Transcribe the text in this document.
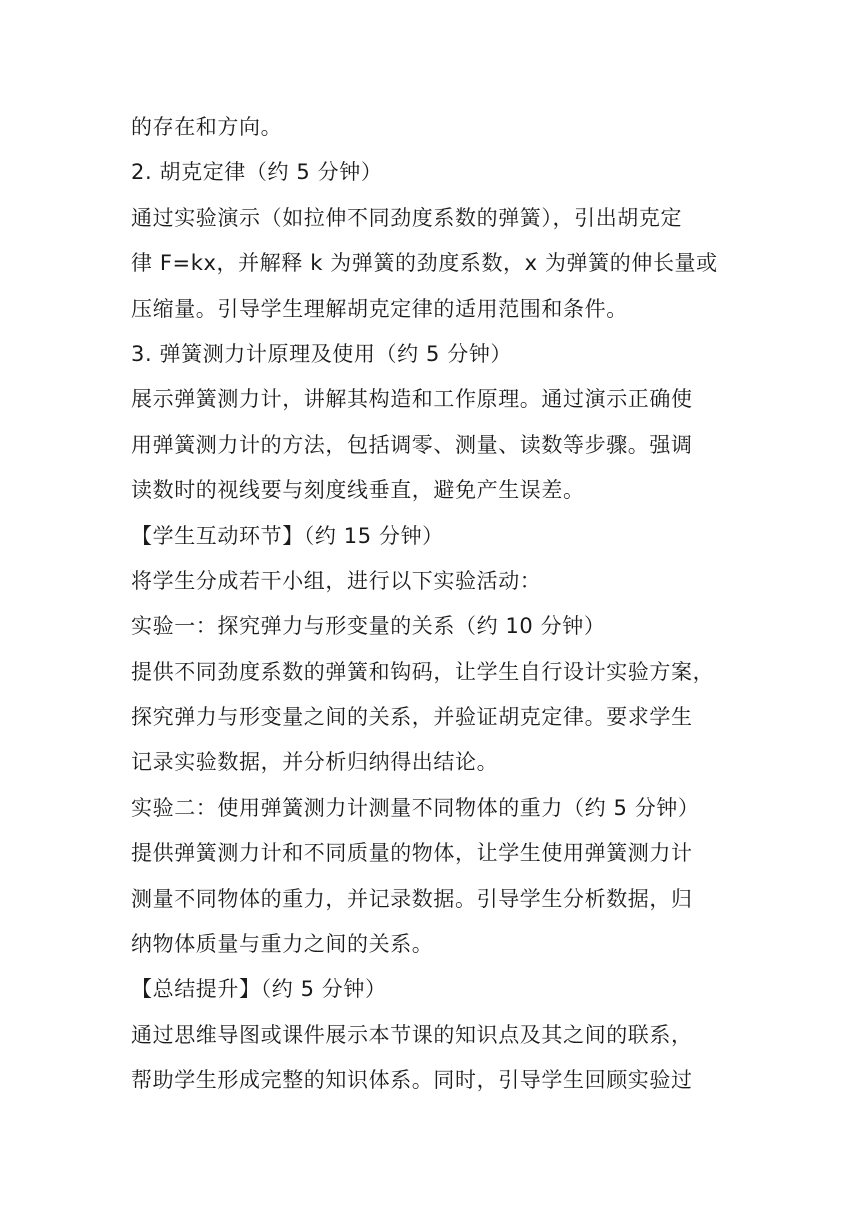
的存在和方向。
2. 胡克定律（约 5 分钟）
通过实验演示（如拉伸不同劲度系数的弹簧），引出胡克定
律 F=kx，并解释 k 为弹簧的劲度系数，x 为弹簧的伸长量或
压缩量。引导学生理解胡克定律的适用范围和条件。
3. 弹簧测力计原理及使用（约 5 分钟）
展示弹簧测力计，讲解其构造和工作原理。通过演示正确使
用弹簧测力计的方法，包括调零、测量、读数等步骤。强调
读数时的视线要与刻度线垂直，避免产生误差。
【学生互动环节】（约 15 分钟）
将学生分成若干小组，进行以下实验活动：
实验一：探究弹力与形变量的关系（约 10 分钟）
提供不同劲度系数的弹簧和钩码，让学生自行设计实验方案，
探究弹力与形变量之间的关系，并验证胡克定律。要求学生
记录实验数据，并分析归纳得出结论。
实验二：使用弹簧测力计测量不同物体的重力（约 5 分钟）
提供弹簧测力计和不同质量的物体，让学生使用弹簧测力计
测量不同物体的重力，并记录数据。引导学生分析数据，归
纳物体质量与重力之间的关系。
【总结提升】（约 5 分钟）
通过思维导图或课件展示本节课的知识点及其之间的联系，
帮助学生形成完整的知识体系。同时，引导学生回顾实验过
